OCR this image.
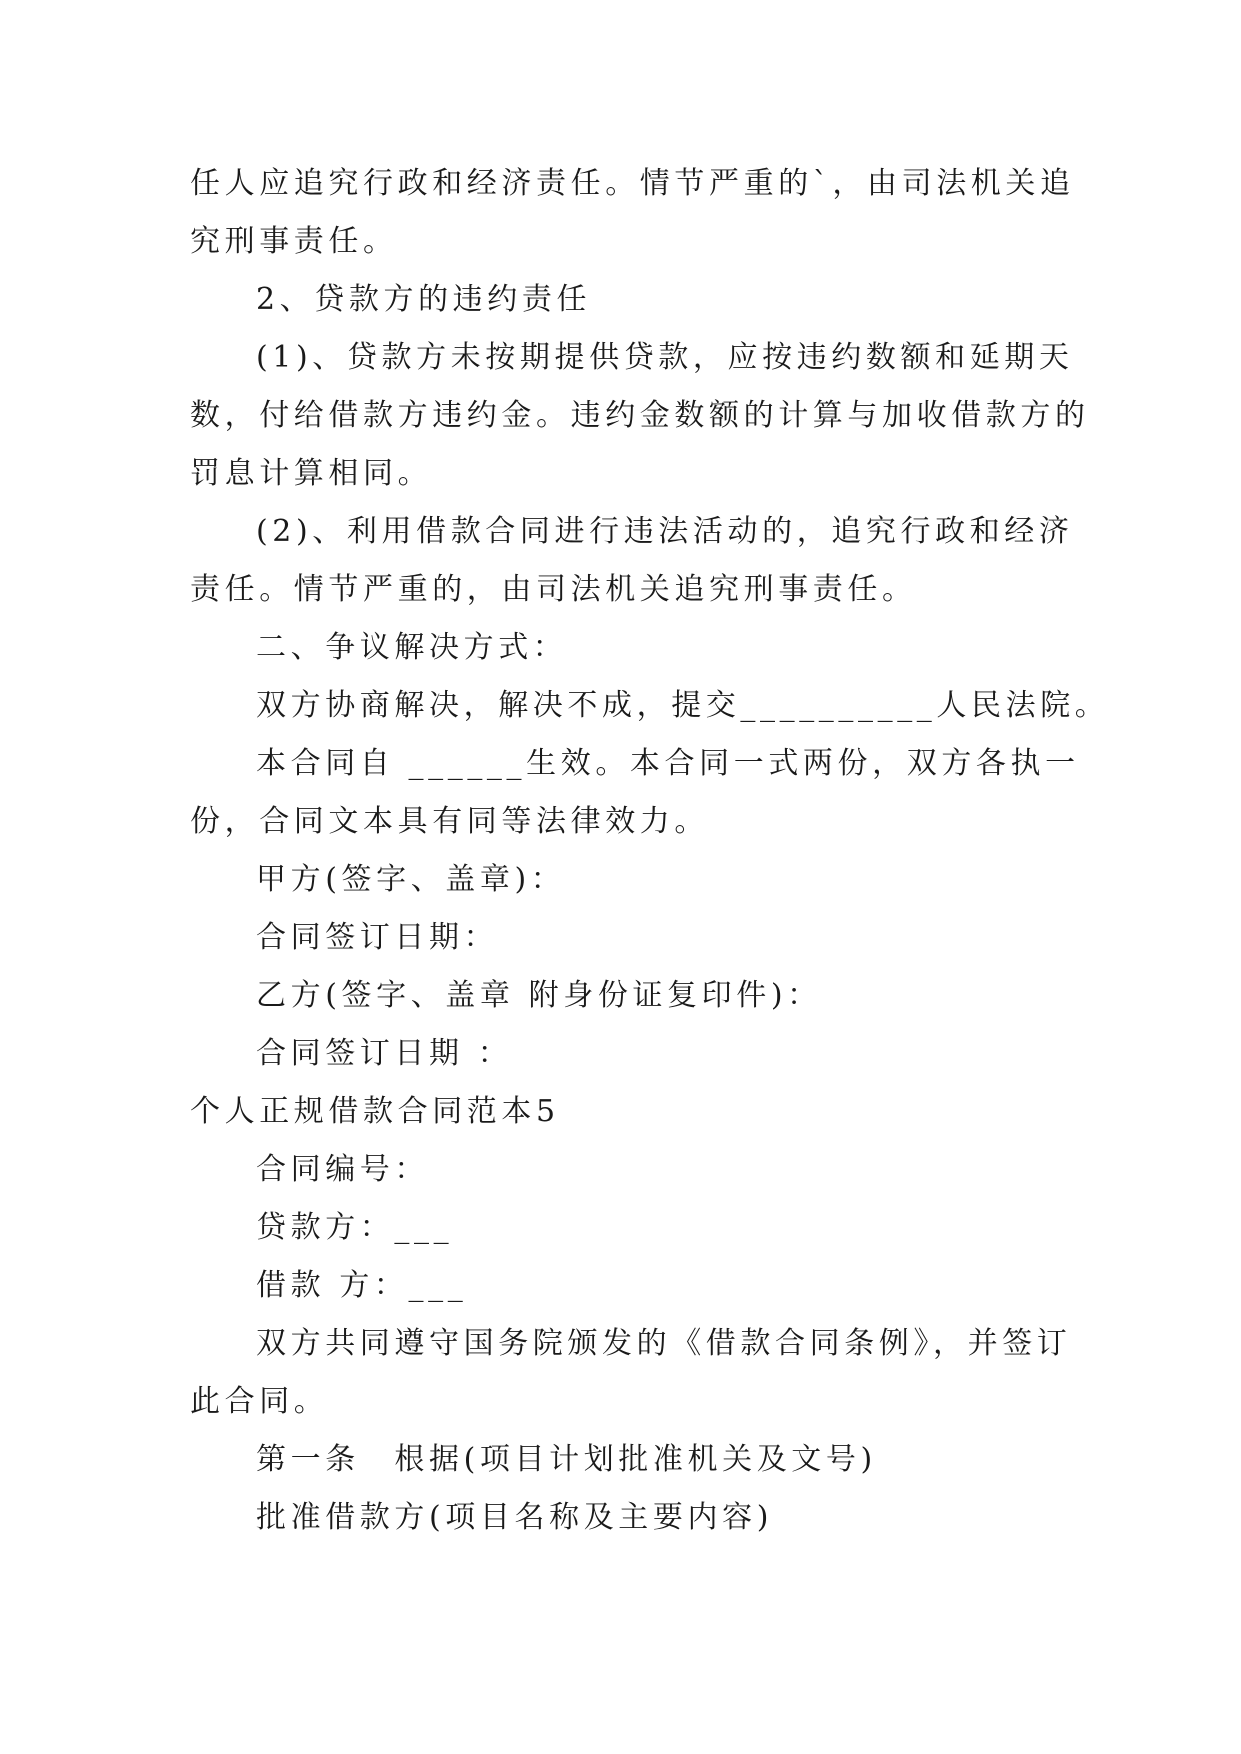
任人应追究行政和经济责任。情节严重的`，由司法机关追
究刑事责任。
2、贷款方的违约责任
(1)、贷款方未按期提供贷款，应按违约数额和延期天
数，付给借款方违约金。违约金数额的计算与加收借款方的
罚息计算相同。
(2)、利用借款合同进行违法活动的，追究行政和经济
责任。情节严重的，由司法机关追究刑事责任。
二、争议解决方式：
双方协商解决，解决不成，提交__________人民法院。
本合同自 ______生效。本合同一式两份，双方各执一
份，合同文本具有同等法律效力。
甲方(签字、盖章)：
合同签订日期：
乙方(签字、盖章 附身份证复印件)：
合同签订日期 ：
个人正规借款合同范本5
合同编号：
贷款方：___
借款 方：___
双方共同遵守国务院颁发的《借款合同条例》，并签订
此合同。
第一条　根据(项目计划批准机关及文号)
批准借款方(项目名称及主要内容)
